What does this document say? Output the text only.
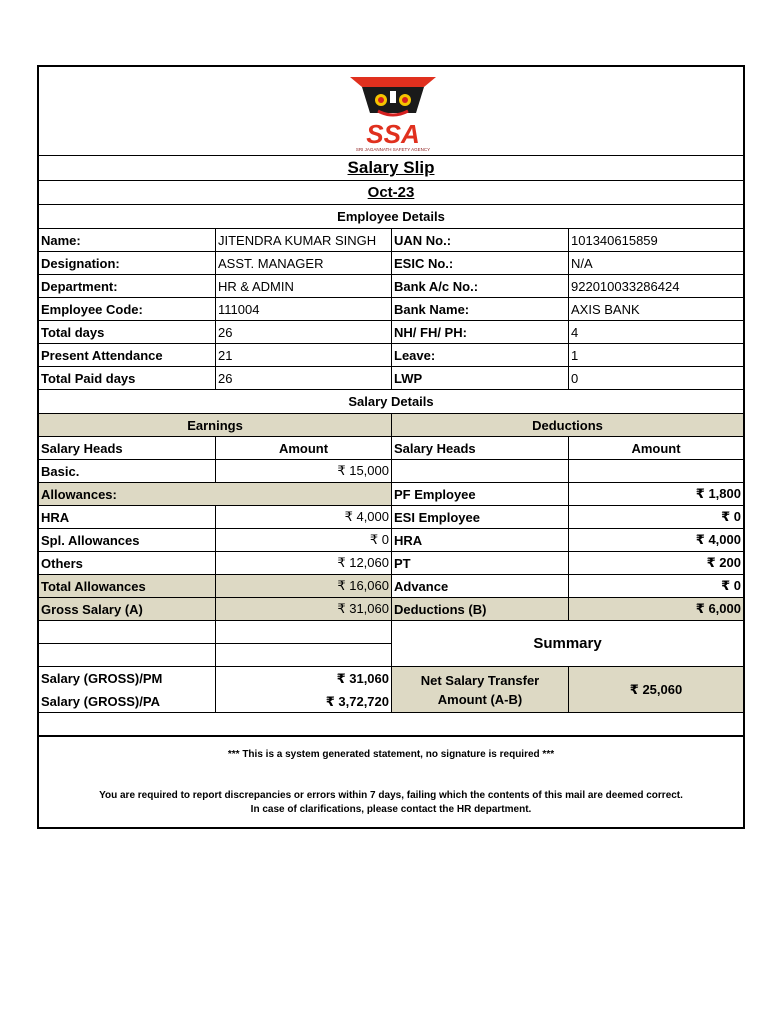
SSA
SRI JAGANNATH SAFETY AGENCY
Salary Slip
Oct-23
Employee Details
Name:	JITENDRA KUMAR SINGH	UAN No.:	101340615859
Designation:	ASST. MANAGER	ESIC No.:	N/A
Department:	HR & ADMIN	Bank A/c No.:	922010033286424
Employee Code:	111004	Bank Name:	AXIS BANK
Total days	26	NH/ FH/ PH:	4
Present Attendance	21	Leave:	1
Total Paid days	26	LWP	0
Salary Details
Earnings	Deductions
Salary Heads	Amount	Salary Heads	Amount
Basic.	₹ 15,000
Allowances:	PF Employee	₹ 1,800
HRA	₹ 4,000 ESI Employee	₹ 0
Spl. Allowances	₹ 0 HRA	₹ 4,000
Others	₹ 12,060 PT	₹ 200
Total Allowances	₹ 16,060 Advance	₹ 0
Gross Salary (A)	₹ 31,060 Deductions (B)	₹ 6,000
Summary
Salary (GROSS)/PM	₹ 31,060
Salary (GROSS)/PA	₹ 3,72,720
Net Salary Transfer
Amount (A-B)
₹ 25,060
*** This is a system generated statement, no signature is required ***
You are required to report discrepancies or errors within 7 days, failing which the contents of this mail are deemed correct.
In case of clarifications, please contact the HR department.
